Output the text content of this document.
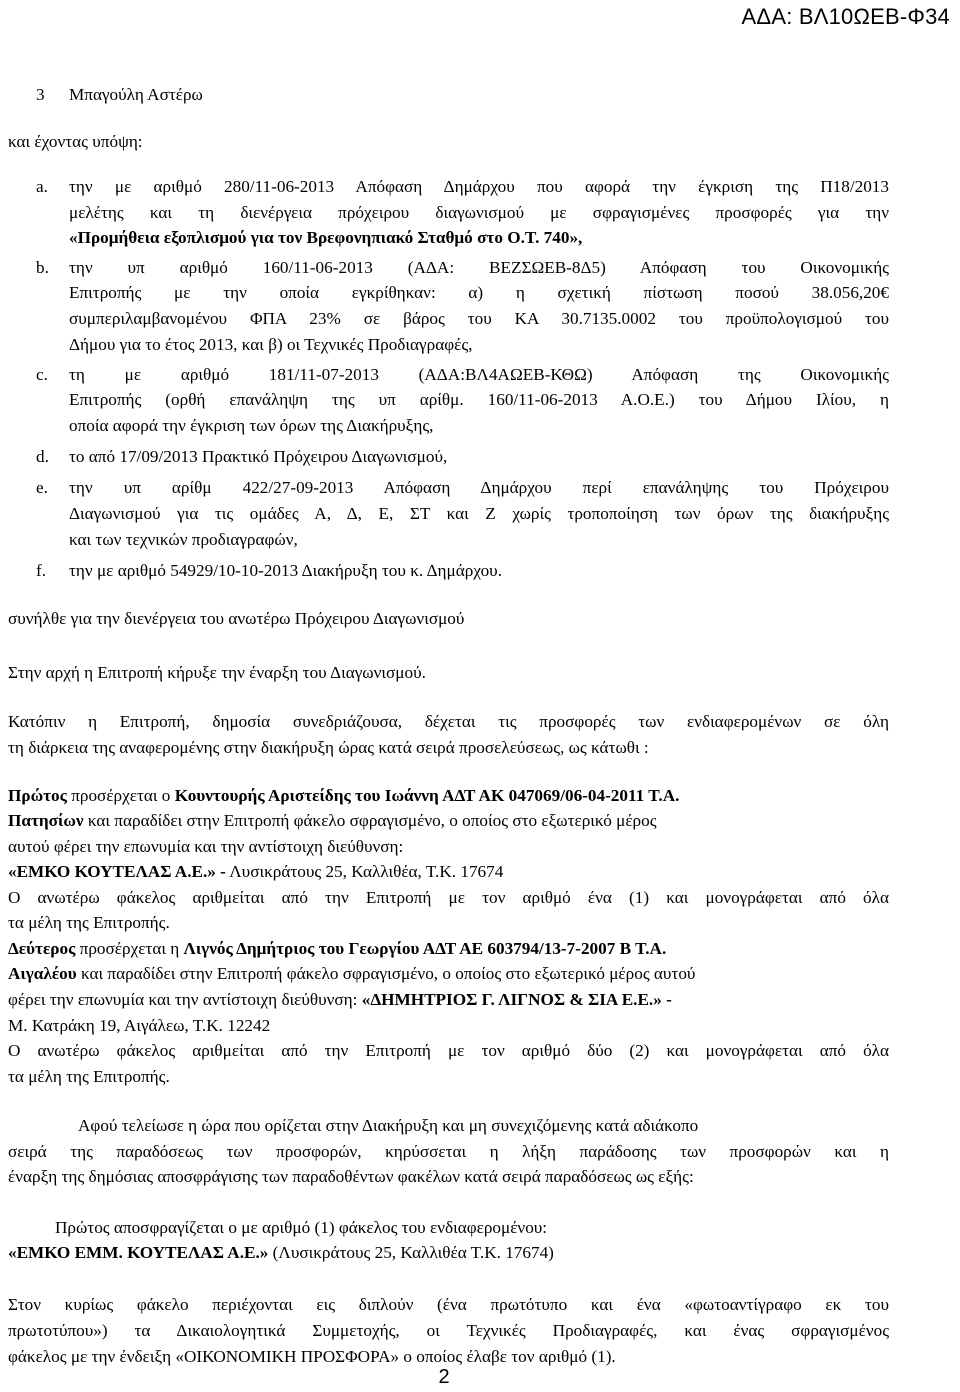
ΑΔΑ: ΒΛ10ΩΕΒ-Φ34
3 Μπαγούλη Αστέρω
και έχοντας υπόψη:
a. την με αριθμό 280/11-06-2013 Απόφαση Δημάρχου που αφορά την έγκριση της Π18/2013
μελέτης και τη διενέργεια πρόχειρου διαγωνισμού με σφραγισμένες προσφορές για την
«Προμήθεια εξοπλισμού για τον Βρεφονηπιακό Σταθμό στο Ο.Τ. 740»,
b. την υπ αριθμό 160/11-06-2013 (ΑΔΑ: ΒΕΖΣΩΕΒ-8Δ5) Απόφαση του Οικονομικής
Επιτροπής με την οποία εγκρίθηκαν: α) η σχετική πίστωση ποσού 38.056,20€
συμπεριλαμβανομένου ΦΠΑ 23% σε βάρος του ΚΑ 30.7135.0002 του προϋπολογισμού του
Δήμου για το έτος 2013, και β) οι Τεχνικές Προδιαγραφές,
c. τη με αριθμό 181/11-07-2013 (ΑΔΑ:ΒΛ4ΑΩΕΒ-ΚΘΩ) Απόφαση της Οικονομικής
Επιτροπής (ορθή επανάληψη της υπ αρίθμ. 160/11-06-2013 Α.Ο.Ε.) του Δήμου Ιλίου, η
οποία αφορά την έγκριση των όρων της Διακήρυξης,
d. το από 17/09/2013 Πρακτικό Πρόχειρου Διαγωνισμού,
e. την υπ αρίθμ 422/27-09-2013 Απόφαση Δημάρχου περί επανάληψης του Πρόχειρου
Διαγωνισμού για τις ομάδες Α, Δ, Ε, ΣΤ και Ζ χωρίς τροποποίηση των όρων της διακήρυξης
και των τεχνικών προδιαγραφών,
f. την με αριθμό 54929/10-10-2013 Διακήρυξη του κ. Δημάρχου.
συνήλθε για την διενέργεια του ανωτέρω Πρόχειρου Διαγωνισμού
Στην αρχή η Επιτροπή κήρυξε την έναρξη του Διαγωνισμού.
Κατόπιν η Επιτροπή, δημοσία συνεδριάζουσα, δέχεται τις προσφορές των ενδιαφερομένων σε όλη
τη διάρκεια της αναφερομένης στην διακήρυξη ώρας κατά σειρά προσελεύσεως, ως κάτωθι :
Πρώτος προσέρχεται ο Κουντουρής Αριστείδης του Ιωάννη ΑΔΤ ΑΚ 047069/06-04-2011 Τ.Α.
Πατησίων και παραδίδει στην Επιτροπή φάκελο σφραγισμένο, ο οποίος στο εξωτερικό μέρος
αυτού φέρει την επωνυμία και την αντίστοιχη διεύθυνση:
«ΕΜΚΟ ΚΟΥΤΕΛΑΣ Α.Ε.» - Λυσικράτους 25, Καλλιθέα, Τ.Κ. 17674
Ο ανωτέρω φάκελος αριθμείται από την Επιτροπή με τον αριθμό ένα (1) και μονογράφεται από όλα
τα μέλη της Επιτροπής.
Δεύτερος προσέρχεται η Λιγνός Δημήτριος του Γεωργίου ΑΔΤ ΑΕ 603794/13-7-2007 Β Τ.Α.
Αιγαλέου και παραδίδει στην Επιτροπή φάκελο σφραγισμένο, ο οποίος στο εξωτερικό μέρος αυτού
φέρει την επωνυμία και την αντίστοιχη διεύθυνση: «ΔΗΜΗΤΡΙΟΣ Γ. ΛΙΓΝΟΣ & ΣΙΑ Ε.Ε.» -
Μ. Κατράκη 19, Αιγάλεω, Τ.Κ. 12242
Ο ανωτέρω φάκελος αριθμείται από την Επιτροπή με τον αριθμό δύο (2) και μονογράφεται από όλα
τα μέλη της Επιτροπής.
Αφού τελείωσε η ώρα που ορίζεται στην Διακήρυξη και μη συνεχιζόμενης κατά αδιάκοπο
σειρά της παραδόσεως των προσφορών, κηρύσσεται η λήξη παράδοσης των προσφορών και η
έναρξη της δημόσιας αποσφράγισης των παραδοθέντων φακέλων κατά σειρά παραδόσεως ως εξής:
Πρώτος αποσφραγίζεται ο με αριθμό (1) φάκελος του ενδιαφερομένου:
«ΕΜΚΟ ΕΜΜ. ΚΟΥΤΕΛΑΣ Α.Ε.» (Λυσικράτους 25, Καλλιθέα Τ.Κ. 17674)
Στον κυρίως φάκελο περιέχονται εις διπλούν (ένα πρωτότυπο και ένα «φωτοαντίγραφο εκ του
πρωτοτύπου») τα Δικαιολογητικά Συμμετοχής, οι Τεχνικές Προδιαγραφές, και ένας σφραγισμένος
φάκελος με την ένδειξη «ΟΙΚΟΝΟΜΙΚΗ ΠΡΟΣΦΟΡΑ» ο οποίος έλαβε τον αριθμό (1).
2
